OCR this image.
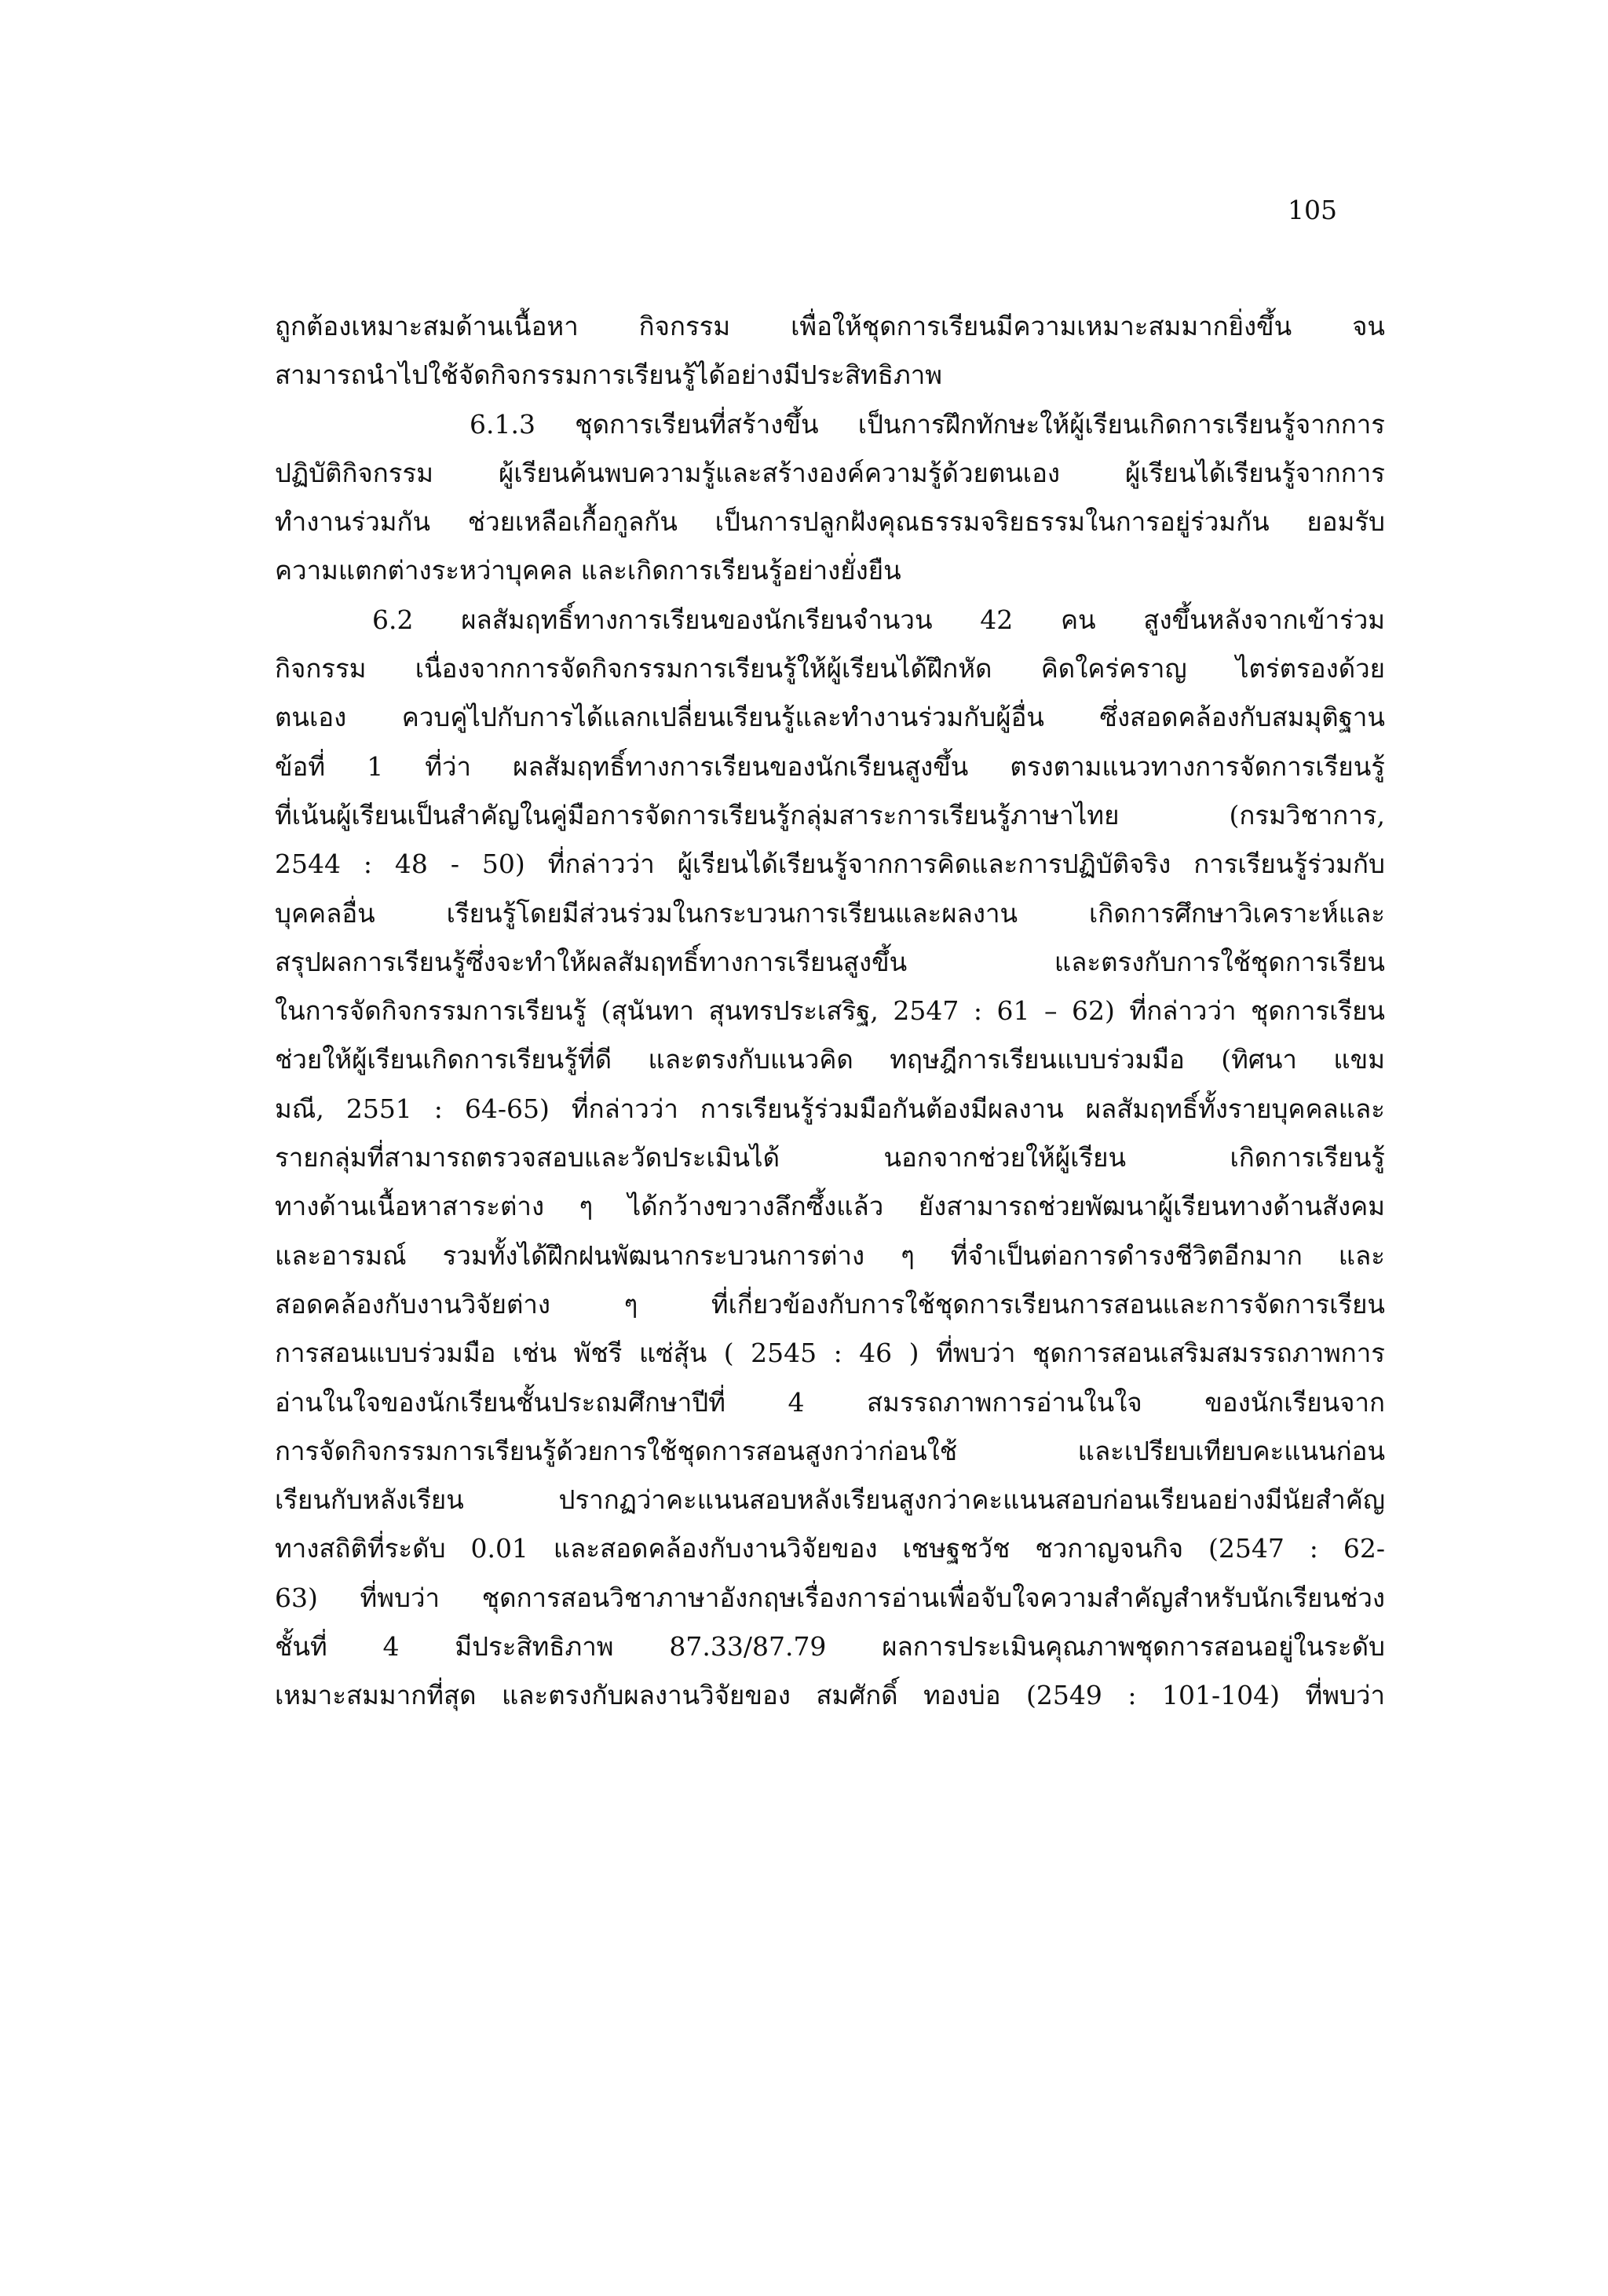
105
ถูกต้องเหมาะสมด้านเนื้อหา กิจกรรม เพื่อให้ชุดการเรียนมีความเหมาะสมมากยิ่งขึ้น จน
สามารถนำไปใช้จัดกิจกรรมการเรียนรู้ได้อย่างมีประสิทธิภาพ
6.1.3 ชุดการเรียนที่สร้างขึ้น เป็นการฝึกทักษะให้ผู้เรียนเกิดการเรียนรู้จากการ
ปฏิบัติกิจกรรม ผู้เรียนค้นพบความรู้และสร้างองค์ความรู้ด้วยตนเอง ผู้เรียนได้เรียนรู้จากการ
ทำงานร่วมกัน ช่วยเหลือเกื้อกูลกัน เป็นการปลูกฝังคุณธรรมจริยธรรมในการอยู่ร่วมกัน ยอมรับ
ความแตกต่างระหว่าบุคคล และเกิดการเรียนรู้อย่างยั่งยืน
6.2 ผลสัมฤทธิ์ทางการเรียนของนักเรียนจำนวน 42 คน สูงขึ้นหลังจากเข้าร่วม
กิจกรรม เนื่องจากการจัดกิจกรรมการเรียนรู้ให้ผู้เรียนได้ฝึกหัด คิดใคร่คราญ ไตร่ตรองด้วย
ตนเอง ควบคู่ไปกับการได้แลกเปลี่ยนเรียนรู้และทำงานร่วมกับผู้อื่น ซึ่งสอดคล้องกับสมมุติฐาน
ข้อที่ 1 ที่ว่า ผลสัมฤทธิ์ทางการเรียนของนักเรียนสูงขึ้น ตรงตามแนวทางการจัดการเรียนรู้
ที่เน้นผู้เรียนเป็นสำคัญในคู่มือการจัดการเรียนรู้กลุ่มสาระการเรียนรู้ภาษาไทย (กรมวิชาการ,
2544 : 48 - 50) ที่กล่าวว่า ผู้เรียนได้เรียนรู้จากการคิดและการปฏิบัติจริง การเรียนรู้ร่วมกับ
บุคคลอื่น เรียนรู้โดยมีส่วนร่วมในกระบวนการเรียนและผลงาน เกิดการศึกษาวิเคราะห์และ
สรุปผลการเรียนรู้ซึ่งจะทำให้ผลสัมฤทธิ์ทางการเรียนสูงขึ้น และตรงกับการใช้ชุดการเรียน
ในการจัดกิจกรรมการเรียนรู้ (สุนันทา สุนทรประเสริฐ, 2547 : 61 – 62) ที่กล่าวว่า ชุดการเรียน
ช่วยให้ผู้เรียนเกิดการเรียนรู้ที่ดี และตรงกับแนวคิด ทฤษฎีการเรียนแบบร่วมมือ (ทิศนา แขม
มณี, 2551 : 64-65) ที่กล่าวว่า การเรียนรู้ร่วมมือกันต้องมีผลงาน ผลสัมฤทธิ์ทั้งรายบุคคลและ
รายกลุ่มที่สามารถตรวจสอบและวัดประเมินได้ นอกจากช่วยให้ผู้เรียน เกิดการเรียนรู้
ทางด้านเนื้อหาสาระต่าง ๆ ได้กว้างขวางลึกซึ้งแล้ว ยังสามารถช่วยพัฒนาผู้เรียนทางด้านสังคม
และอารมณ์ รวมทั้งได้ฝึกฝนพัฒนากระบวนการต่าง ๆ ที่จำเป็นต่อการดำรงชีวิตอีกมาก และ
สอดคล้องกับงานวิจัยต่าง ๆ ที่เกี่ยวข้องกับการใช้ชุดการเรียนการสอนและการจัดการเรียน
การสอนแบบร่วมมือ เช่น พัชรี แซ่สุ้น ( 2545 : 46 ) ที่พบว่า ชุดการสอนเสริมสมรรถภาพการ
อ่านในใจของนักเรียนชั้นประถมศึกษาปีที่ 4 สมรรถภาพการอ่านในใจ ของนักเรียนจาก
การจัดกิจกรรมการเรียนรู้ด้วยการใช้ชุดการสอนสูงกว่าก่อนใช้ และเปรียบเทียบคะแนนก่อน
เรียนกับหลังเรียน ปรากฏว่าคะแนนสอบหลังเรียนสูงกว่าคะแนนสอบก่อนเรียนอย่างมีนัยสำคัญ
ทางสถิติที่ระดับ 0.01 และสอดคล้องกับงานวิจัยของ เชษฐชวัช ชวกาญจนกิจ (2547 : 62-
63) ที่พบว่า ชุดการสอนวิชาภาษาอังกฤษเรื่องการอ่านเพื่อจับใจความสำคัญสำหรับนักเรียนช่วง
ชั้นที่ 4 มีประสิทธิภาพ 87.33/87.79 ผลการประเมินคุณภาพชุดการสอนอยู่ในระดับ
เหมาะสมมากที่สุด และตรงกับผลงานวิจัยของ สมศักดิ์ ทองบ่อ (2549 : 101-104) ที่พบว่า
